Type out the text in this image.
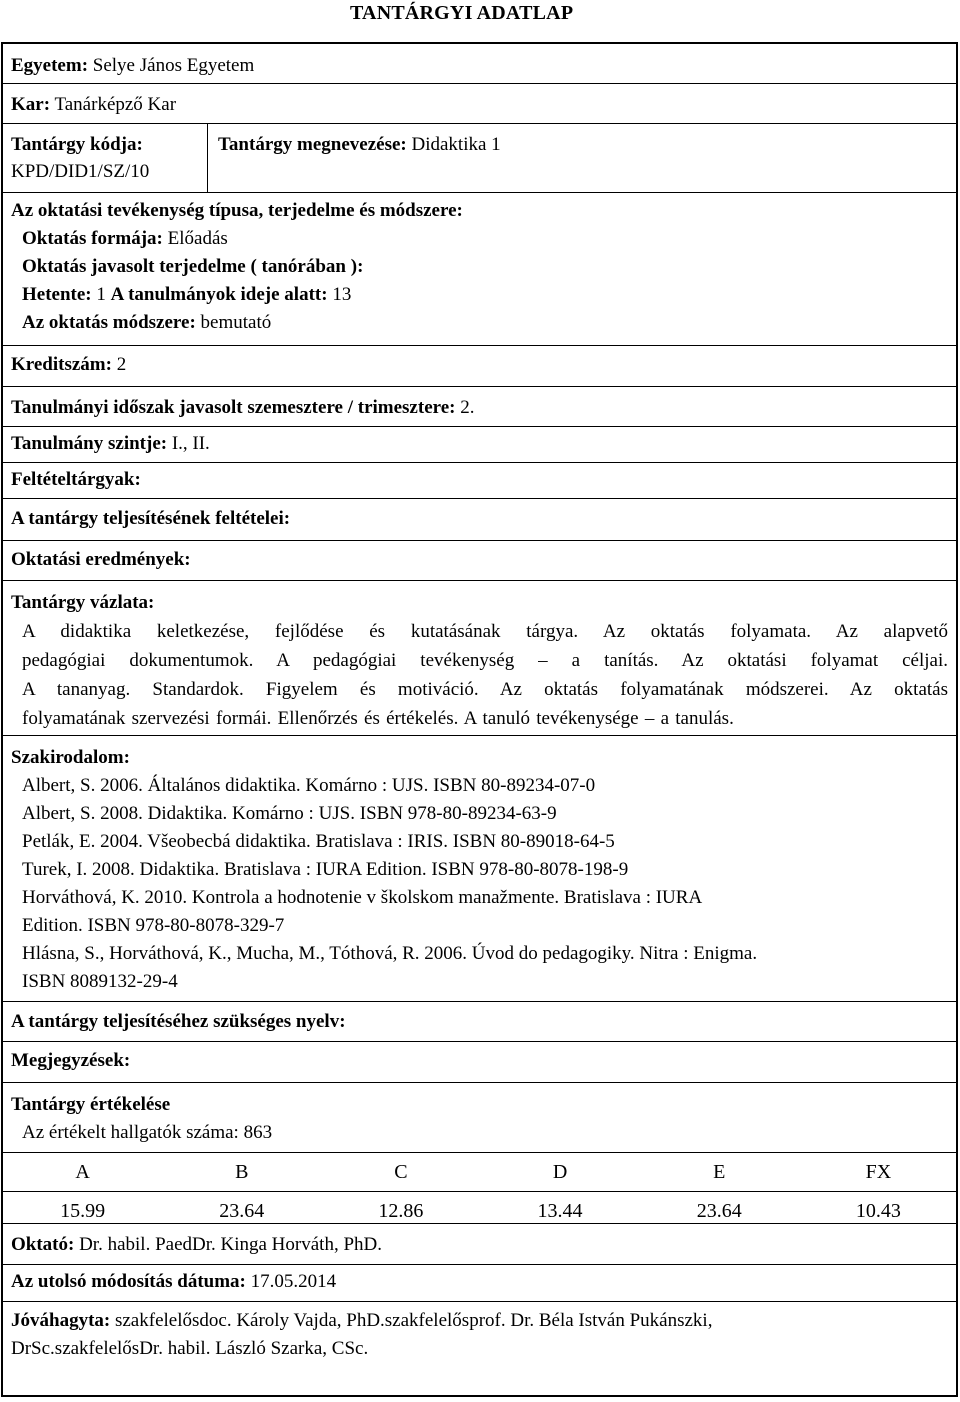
TANTÁRGYI ADATLAP
Egyetem: Selye János Egyetem
Kar: Tanárképző Kar
Tantárgy kódja:
KPD/DID1/SZ/10
Tantárgy megnevezése: Didaktika 1
Az oktatási tevékenység típusa, terjedelme és módszere:
Oktatás formája: Előadás
Oktatás javasolt terjedelme ( tanórában ):
Hetente: 1 A tanulmányok ideje alatt: 13
Az oktatás módszere: bemutató
Kreditszám: 2
Tanulmányi időszak javasolt szemesztere / trimesztere: 2.
Tanulmány szintje: I., II.
Feltételtárgyak:
A tantárgy teljesítésének feltételei:
Oktatási eredmények:
Tantárgy vázlata:
A didaktika keletkezése, fejlődése és kutatásának tárgya. Az oktatás folyamata. Az alapvető
pedagógiai dokumentumok. A pedagógiai tevékenység – a tanítás. Az oktatási folyamat céljai.
A tananyag. Standardok. Figyelem és motiváció. Az oktatás folyamatának módszerei. Az oktatás
folyamatának szervezési formái. Ellenőrzés és értékelés. A tanuló tevékenysége – a tanulás.
Szakirodalom:
Albert, S. 2006. Általános didaktika. Komárno : UJS. ISBN 80-89234-07-0
Albert, S. 2008. Didaktika. Komárno : UJS. ISBN 978-80-89234-63-9
Petlák, E. 2004. Všeobecbá didaktika. Bratislava : IRIS. ISBN 80-89018-64-5
Turek, I. 2008. Didaktika. Bratislava : IURA Edition. ISBN 978-80-8078-198-9
Horváthová, K. 2010. Kontrola a hodnotenie v školskom manažmente. Bratislava : IURA
Edition. ISBN 978-80-8078-329-7
Hlásna, S., Horváthová, K., Mucha, M., Tóthová, R. 2006. Úvod do pedagogiky. Nitra : Enigma.
ISBN 8089132-29-4
A tantárgy teljesítéséhez szükséges nyelv:
Megjegyzések:
Tantárgy értékelése
Az értékelt hallgatók száma: 863
A	B	C	D	E	FX
15.99	23.64	12.86	13.44	23.64	10.43
Oktató: Dr. habil. PaedDr. Kinga Horváth, PhD.
Az utolsó módosítás dátuma: 17.05.2014
Jóváhagyta: szakfelelősdoc. Károly Vajda, PhD.szakfelelősprof. Dr. Béla István Pukánszki,
DrSc.szakfelelősDr. habil. László Szarka, CSc.
